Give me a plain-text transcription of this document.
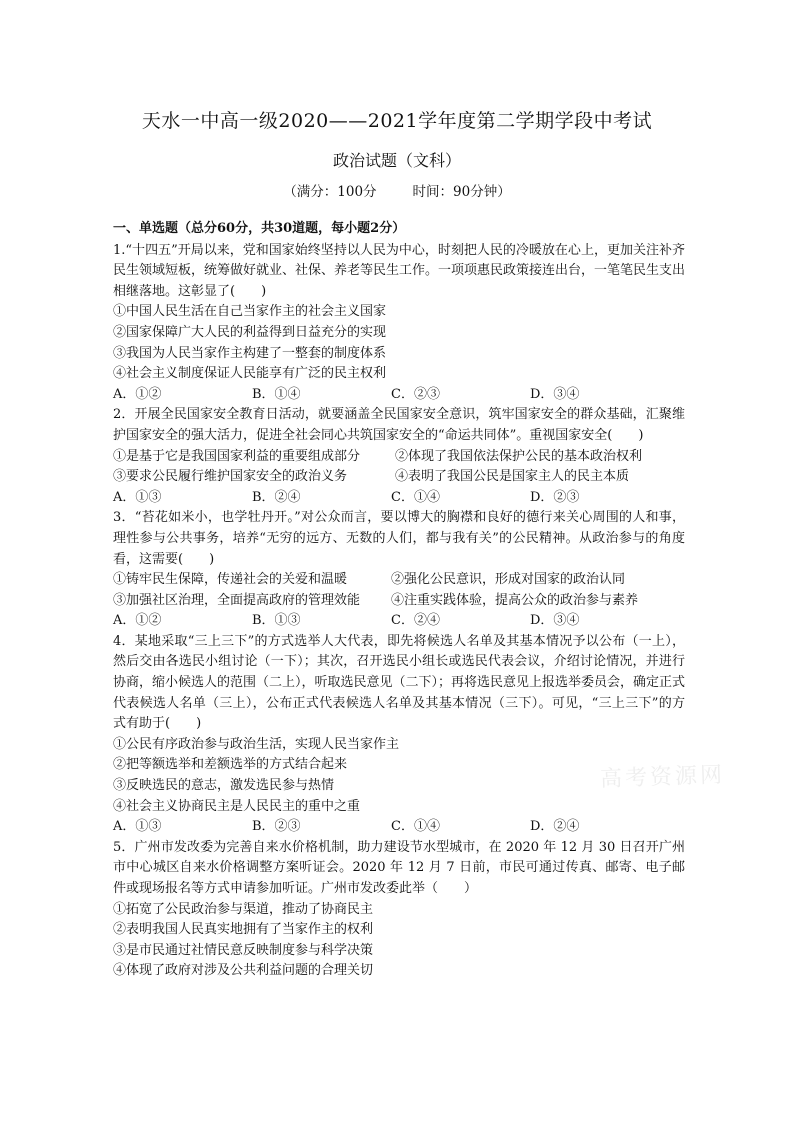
天水一中高一级2020——2021学年度第二学期学段中考试
政治试题（文科）
（满分：100分	时间：90分钟）
一、单选题（总分60分，共30道题，每小题2分）

1.“十四五”开局以来，党和国家始终坚持以人民为中心，时刻把人民的冷暖放在心上，更加关注补齐民生领域短板，统筹做好就业、社保、养老等民生工作。一项项惠民政策接连出台，一笔笔民生支出相继落地。这彰显了(　　)

①中国人民生活在自己当家作主的社会主义国家

②国家保障广大人民的利益得到日益充分的实现

③我国为人民当家作主构建了一整套的制度体系

④社会主义制度保证人民能享有广泛的民主权利

A．①②	B．①④	C．②③	D．③④

2．开展全民国家安全教育日活动，就要涵盖全民国家安全意识，筑牢国家安全的群众基础，汇聚维护国家安全的强大活力，促进全社会同心共筑国家安全的“命运共同体”。重视国家安全(　　)

①是基于它是我国国家利益的重要组成部分	②体现了我国依法保护公民的基本政治权利
③要求公民履行维护国家安全的政治义务	④表明了我国公民是国家主人的民主本质
A．①③	B．②④	C．①④	D．②③

3．“苔花如米小，也学牡丹开。”对公众而言，要以博大的胸襟和良好的德行来关心周围的人和事，理性参与公共事务，培养“无穷的远方、无数的人们，都与我有关”的公民精神。从政治参与的角度看，这需要(　　)

①铸牢民生保障，传递社会的关爱和温暖	②强化公民意识，形成对国家的政治认同
③加强社区治理，全面提高政府的管理效能	④注重实践体验，提高公众的政治参与素养
A．①②	B．①③	C．②④	D．③④

4．某地采取“三上三下”的方式选举人大代表，即先将候选人名单及其基本情况予以公布（一上），然后交由各选民小组讨论（一下）；其次，召开选民小组长或选民代表会议，介绍讨论情况，并进行协商，缩小候选人的范围（二上），听取选民意见（二下）；再将选民意见上报选举委员会，确定正式代表候选人名单（三上），公布正式代表候选人名单及其基本情况（三下）。可见，“三上三下”的方式有助于(　　)

①公民有序政治参与政治生活，实现人民当家作主

②把等额选举和差额选举的方式结合起来

③反映选民的意志，激发选民参与热情

④社会主义协商民主是人民民主的重中之重

A．①③	B．②③	C．①④	D．②④

5．广州市发改委为完善自来水价格机制，助力建设节水型城市，在 2020 年 12 月 30 日召开广州市中心城区自来水价格调整方案听证会。2020 年 12 月 7 日前，市民可通过传真、邮寄、电子邮件或现场报名等方式申请参加听证。广州市发改委此举（　　）

①拓宽了公民政治参与渠道，推动了协商民主

②表明我国人民真实地拥有了当家作主的权利

③是市民通过社情民意反映制度参与科学决策

④体现了政府对涉及公共利益问题的合理关切

高考资源网
